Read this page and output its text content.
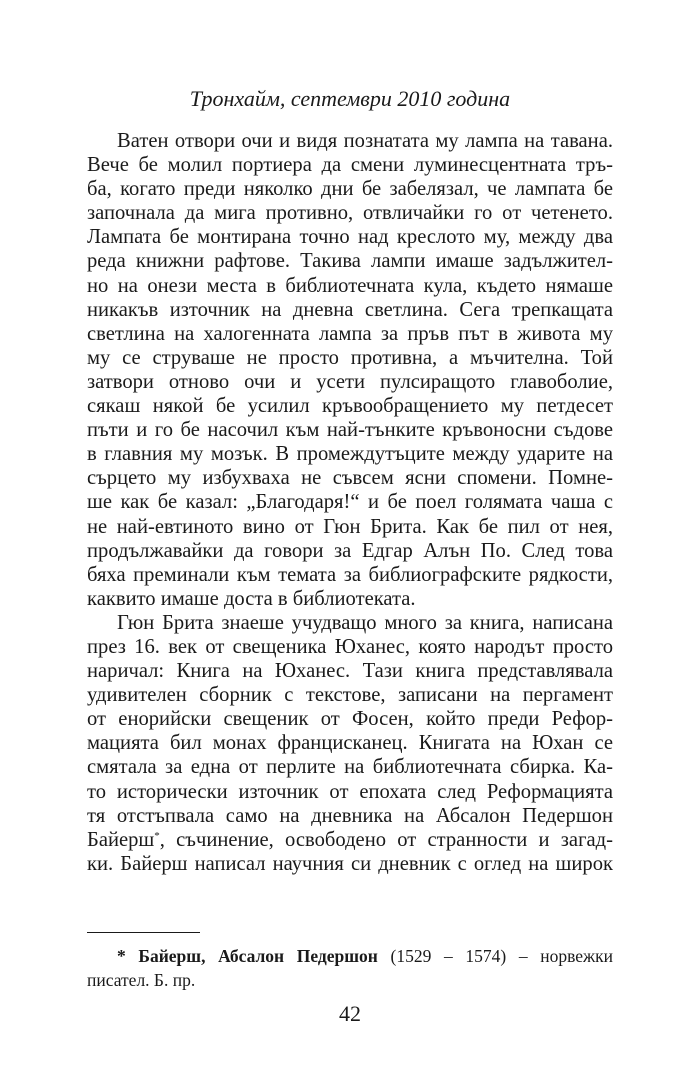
Тронхайм, септември 2010 година
Ватен отвори очи и видя познатата му лампа на тавана.
Вече бе молил портиера да смени луминесцентната тръ-
ба, когато преди няколко дни бе забелязал, че лампата бе
започнала да мига противно, отвличайки го от четенето.
Лампата бе монтирана точно над креслото му, между два
реда книжни рафтове. Такива лампи имаше задължител-
но на онези места в библиотечната кула, където нямаше
никакъв източник на дневна светлина. Сега трепкащата
светлина на халогенната лампа за пръв път в живота му
му се струваше не просто противна, а мъчителна. Той
затвори отново очи и усети пулсиращото главоболие,
сякаш някой бе усилил кръвообращението му петдесет
пъти и го бе насочил към най-тънките кръвоносни съдове
в главния му мозък. В промеждутъците между ударите на
сърцето му избухваха не съвсем ясни спомени. Помне-
ше как бе казал: „Благодаря!“ и бе поел голямата чаша с
не най-евтиното вино от Гюн Брита. Как бе пил от нея,
продължавайки да говори за Едгар Алън По. След това
бяха преминали към темата за библиографските рядкости,
каквито имаше доста в библиотеката.
Гюн Брита знаеше учудващо много за книга, написана
през 16. век от свещеника Юханес, която народът просто
наричал: Книга на Юханес. Тази книга представлявала
удивителен сборник с текстове, записани на пергамент
от енорийски свещеник от Фосен, който преди Рефор-
мацията бил монах францисканец. Книгата на Юхан се
смятала за една от перлите на библиотечната сбирка. Ка-
то исторически източник от епохата след Реформацията
тя отстъпвала само на дневника на Абсалон Педершон
Байерш*, съчинение, освободено от странности и загад-
ки. Байерш написал научния си дневник с оглед на широк
* Байерш, Абсалон Педершон (1529 – 1574) – норвежки
писател. Б. пр.
42
